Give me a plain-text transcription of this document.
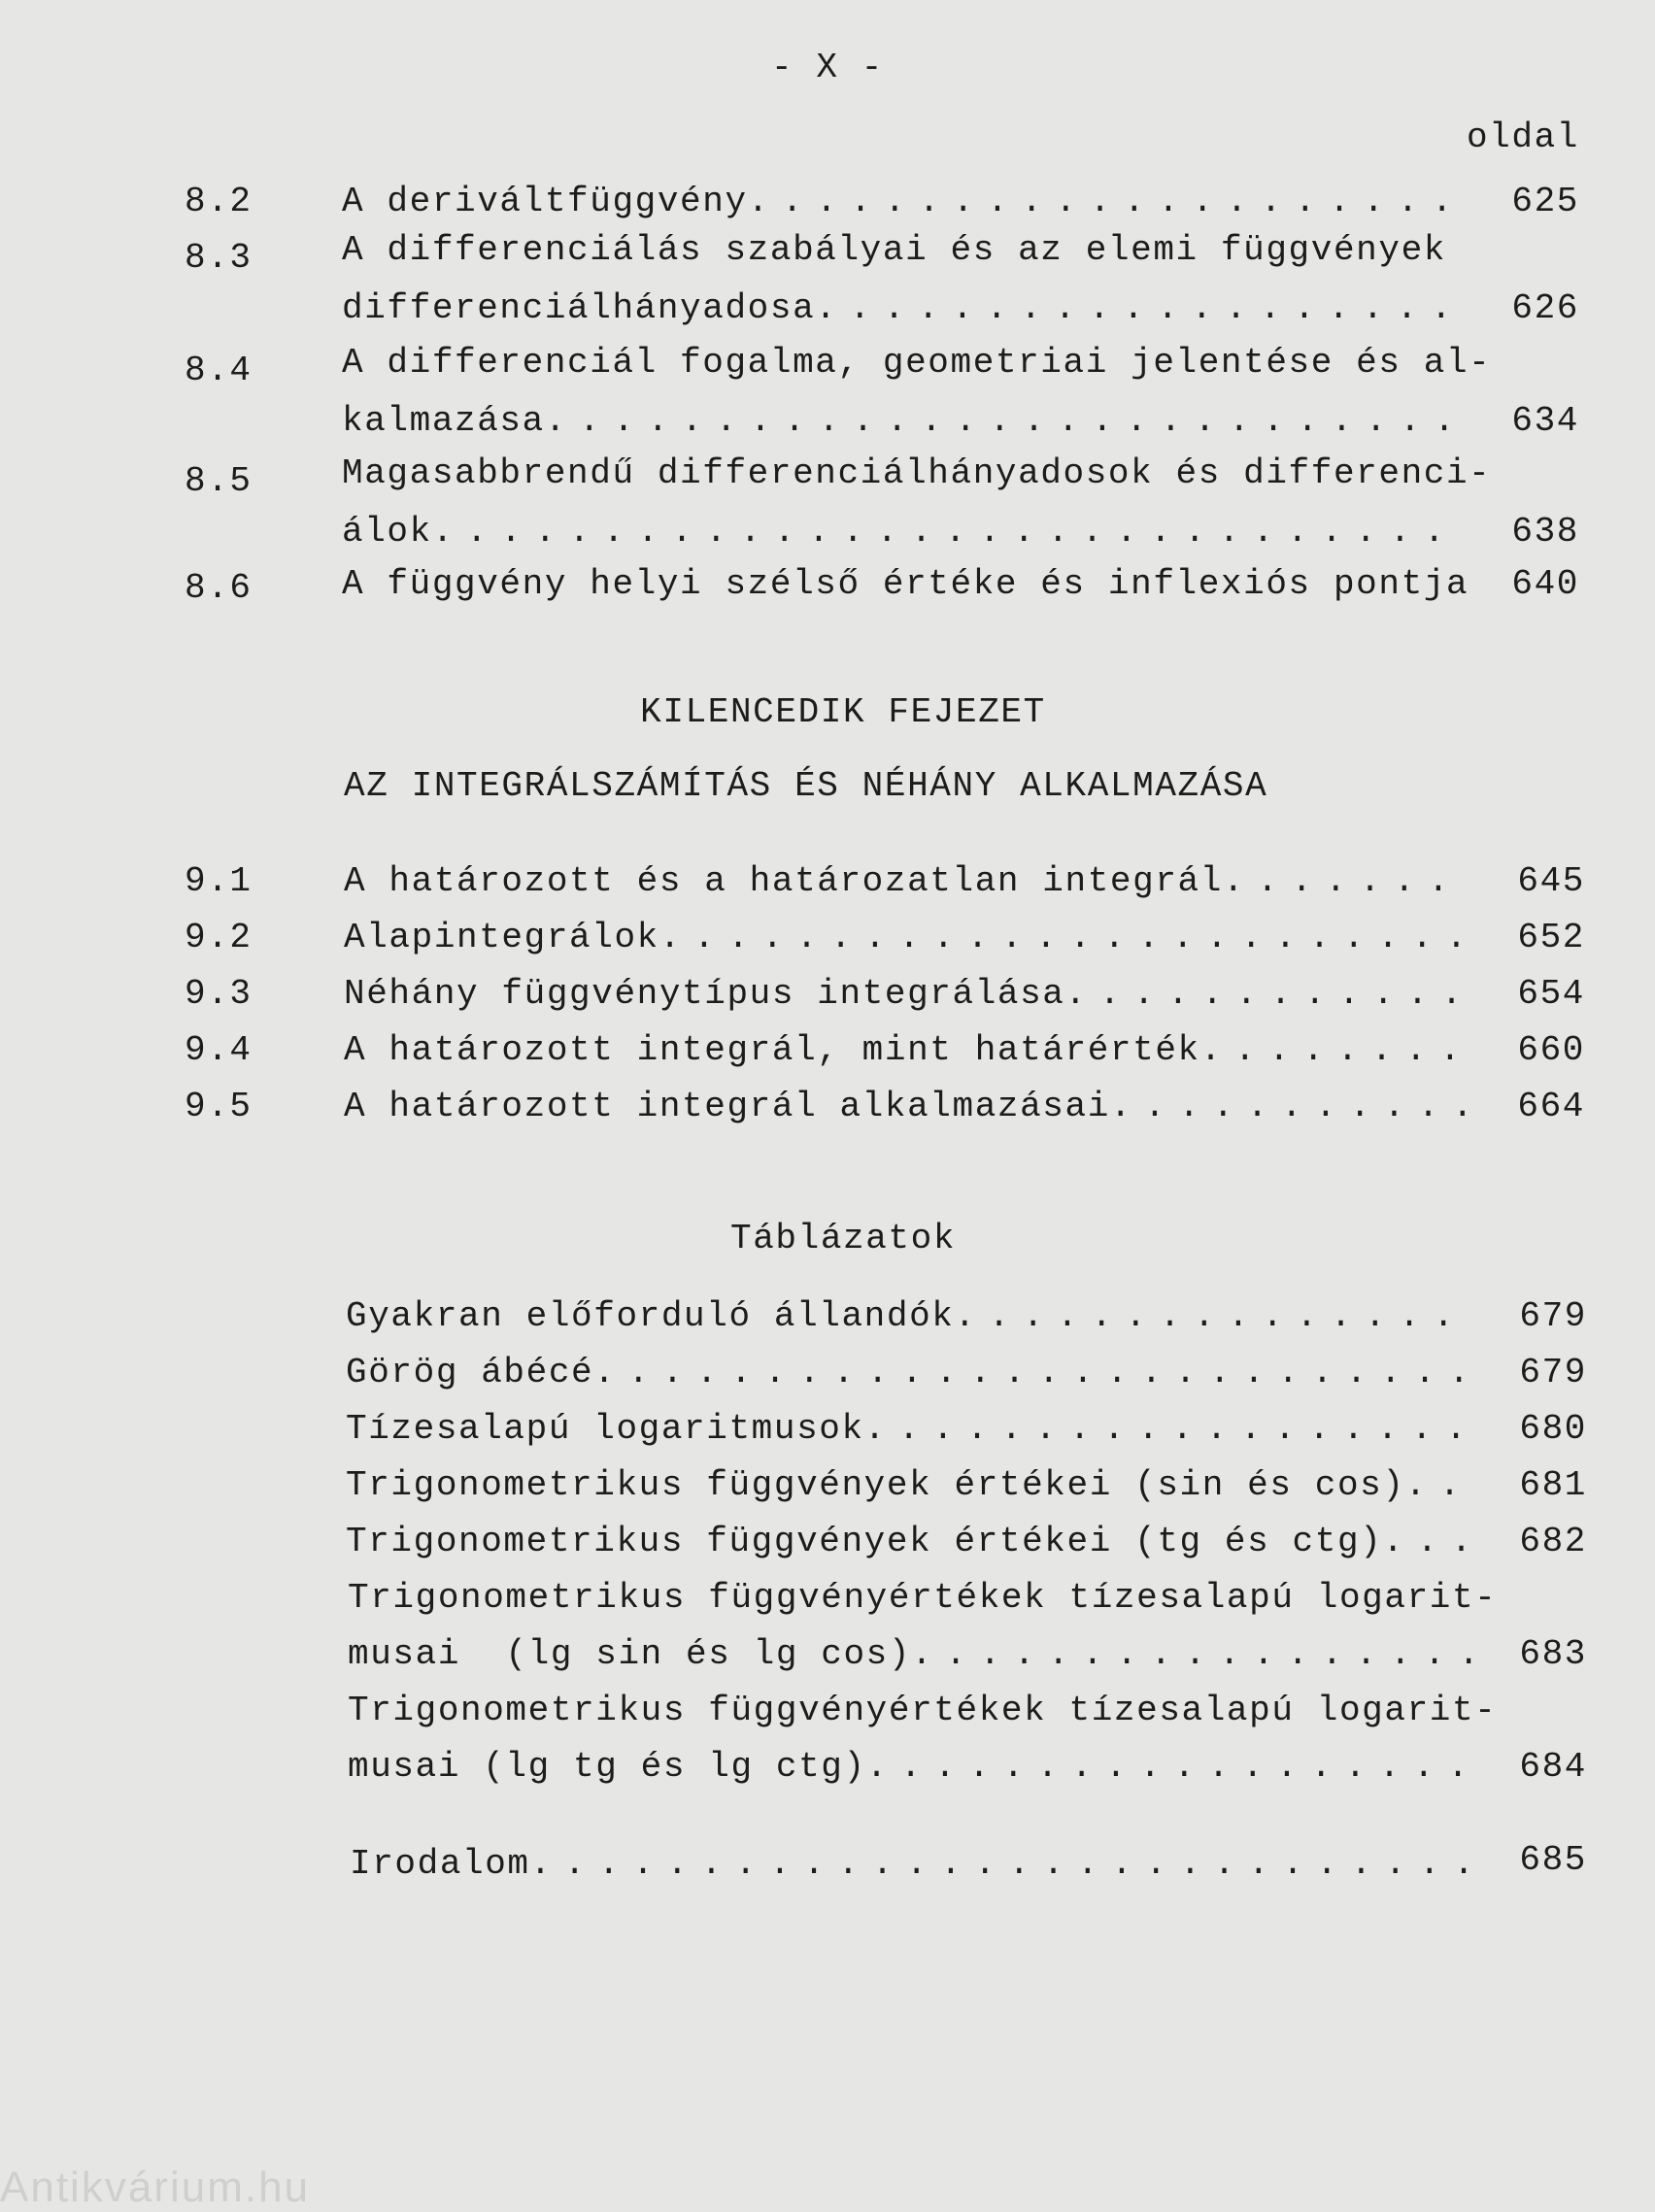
- X -
oldal
8.2	A deriváltfüggvény . . .	625
8.3	A differenciálás szabályai és az elemi függvények
differenciálhányadosa . . .	626
8.4	A differenciál fogalma, geometriai jelentése és al-
kalmazása . . .	634
8.5	Magasabbrendű differenciálhányadosok és differenci-
álok . . .	638
8.6	A függvény helyi szélső értéke és inflexiós pontja 640
KILENCEDIK FEJEZET
AZ INTEGRÁLSZÁMÍTÁS ÉS NÉHÁNY ALKALMAZÁSA
9.1	A határozott és a határozatlan integrál . . .	645
9.2	Alapintegrálok . . .	652
9.3	Néhány függvénytípus integrálása . . .	654
9.4	A határozott integrál, mint határérték . . .	660
9.5	A határozott integrál alkalmazásai . . .	664
Táblázatok
Gyakran előforduló állandók . . .	679
Görög ábécé . . .	679
Tízesalapú logaritmusok . . .	680
Trigonometrikus függvények értékei (sin és cos) . . .	681
Trigonometrikus függvények értékei (tg és ctg) . . .	682
Trigonometrikus függvényértékek tízesalapú logarit-
musai  (lg sin és lg cos) . . .	683
Trigonometrikus függvényértékek tízesalapú logarit-
musai (lg tg és lg ctg) . . .	684
Irodalom . . .	685
Antikvárium.hu
